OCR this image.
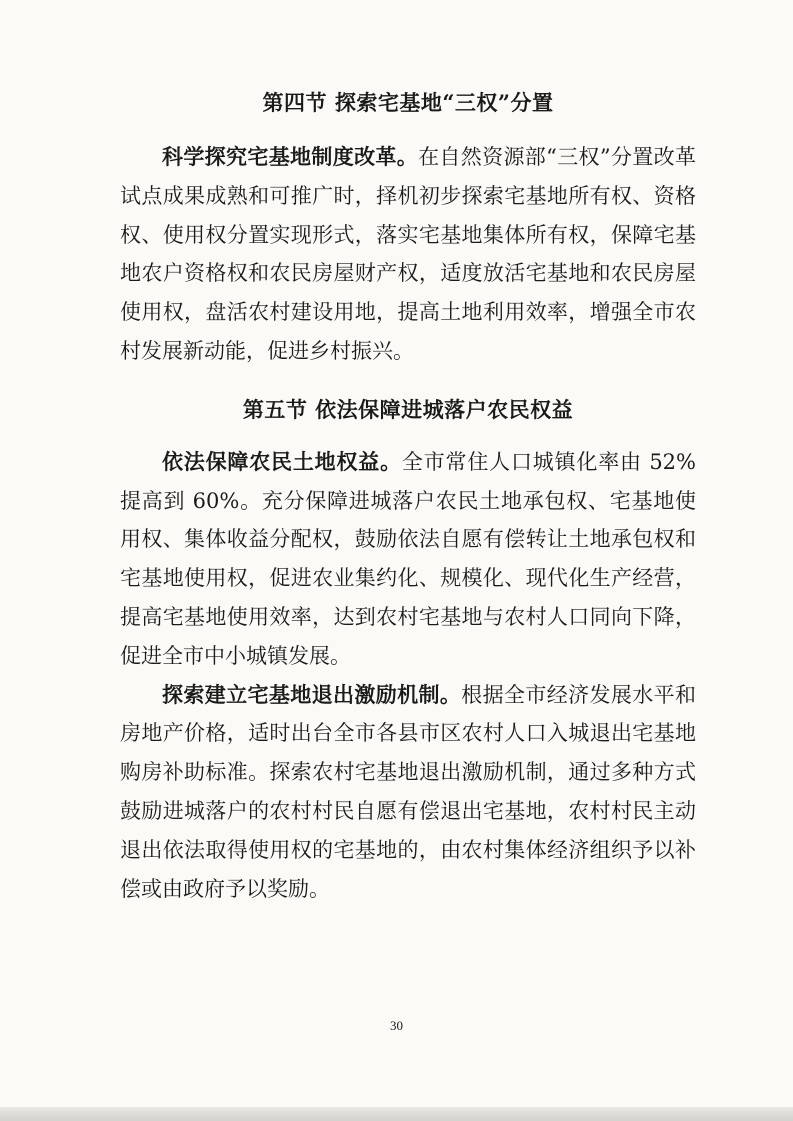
第四节 探索宅基地“三权”分置

科学探究宅基地制度改革。在自然资源部“三权”分置改革试点成果成熟和可推广时，择机初步探索宅基地所有权、资格权、使用权分置实现形式，落实宅基地集体所有权，保障宅基地农户资格权和农民房屋财产权，适度放活宅基地和农民房屋使用权，盘活农村建设用地，提高土地利用效率，增强全市农村发展新动能，促进乡村振兴。

第五节 依法保障进城落户农民权益

依法保障农民土地权益。全市常住人口城镇化率由 52%提高到 60%。充分保障进城落户农民土地承包权、宅基地使用权、集体收益分配权，鼓励依法自愿有偿转让土地承包权和宅基地使用权，促进农业集约化、规模化、现代化生产经营，提高宅基地使用效率，达到农村宅基地与农村人口同向下降，促进全市中小城镇发展。

探索建立宅基地退出激励机制。根据全市经济发展水平和房地产价格，适时出台全市各县市区农村人口入城退出宅基地购房补助标准。探索农村宅基地退出激励机制，通过多种方式鼓励进城落户的农村村民自愿有偿退出宅基地，农村村民主动退出依法取得使用权的宅基地的，由农村集体经济组织予以补偿或由政府予以奖励。

30
